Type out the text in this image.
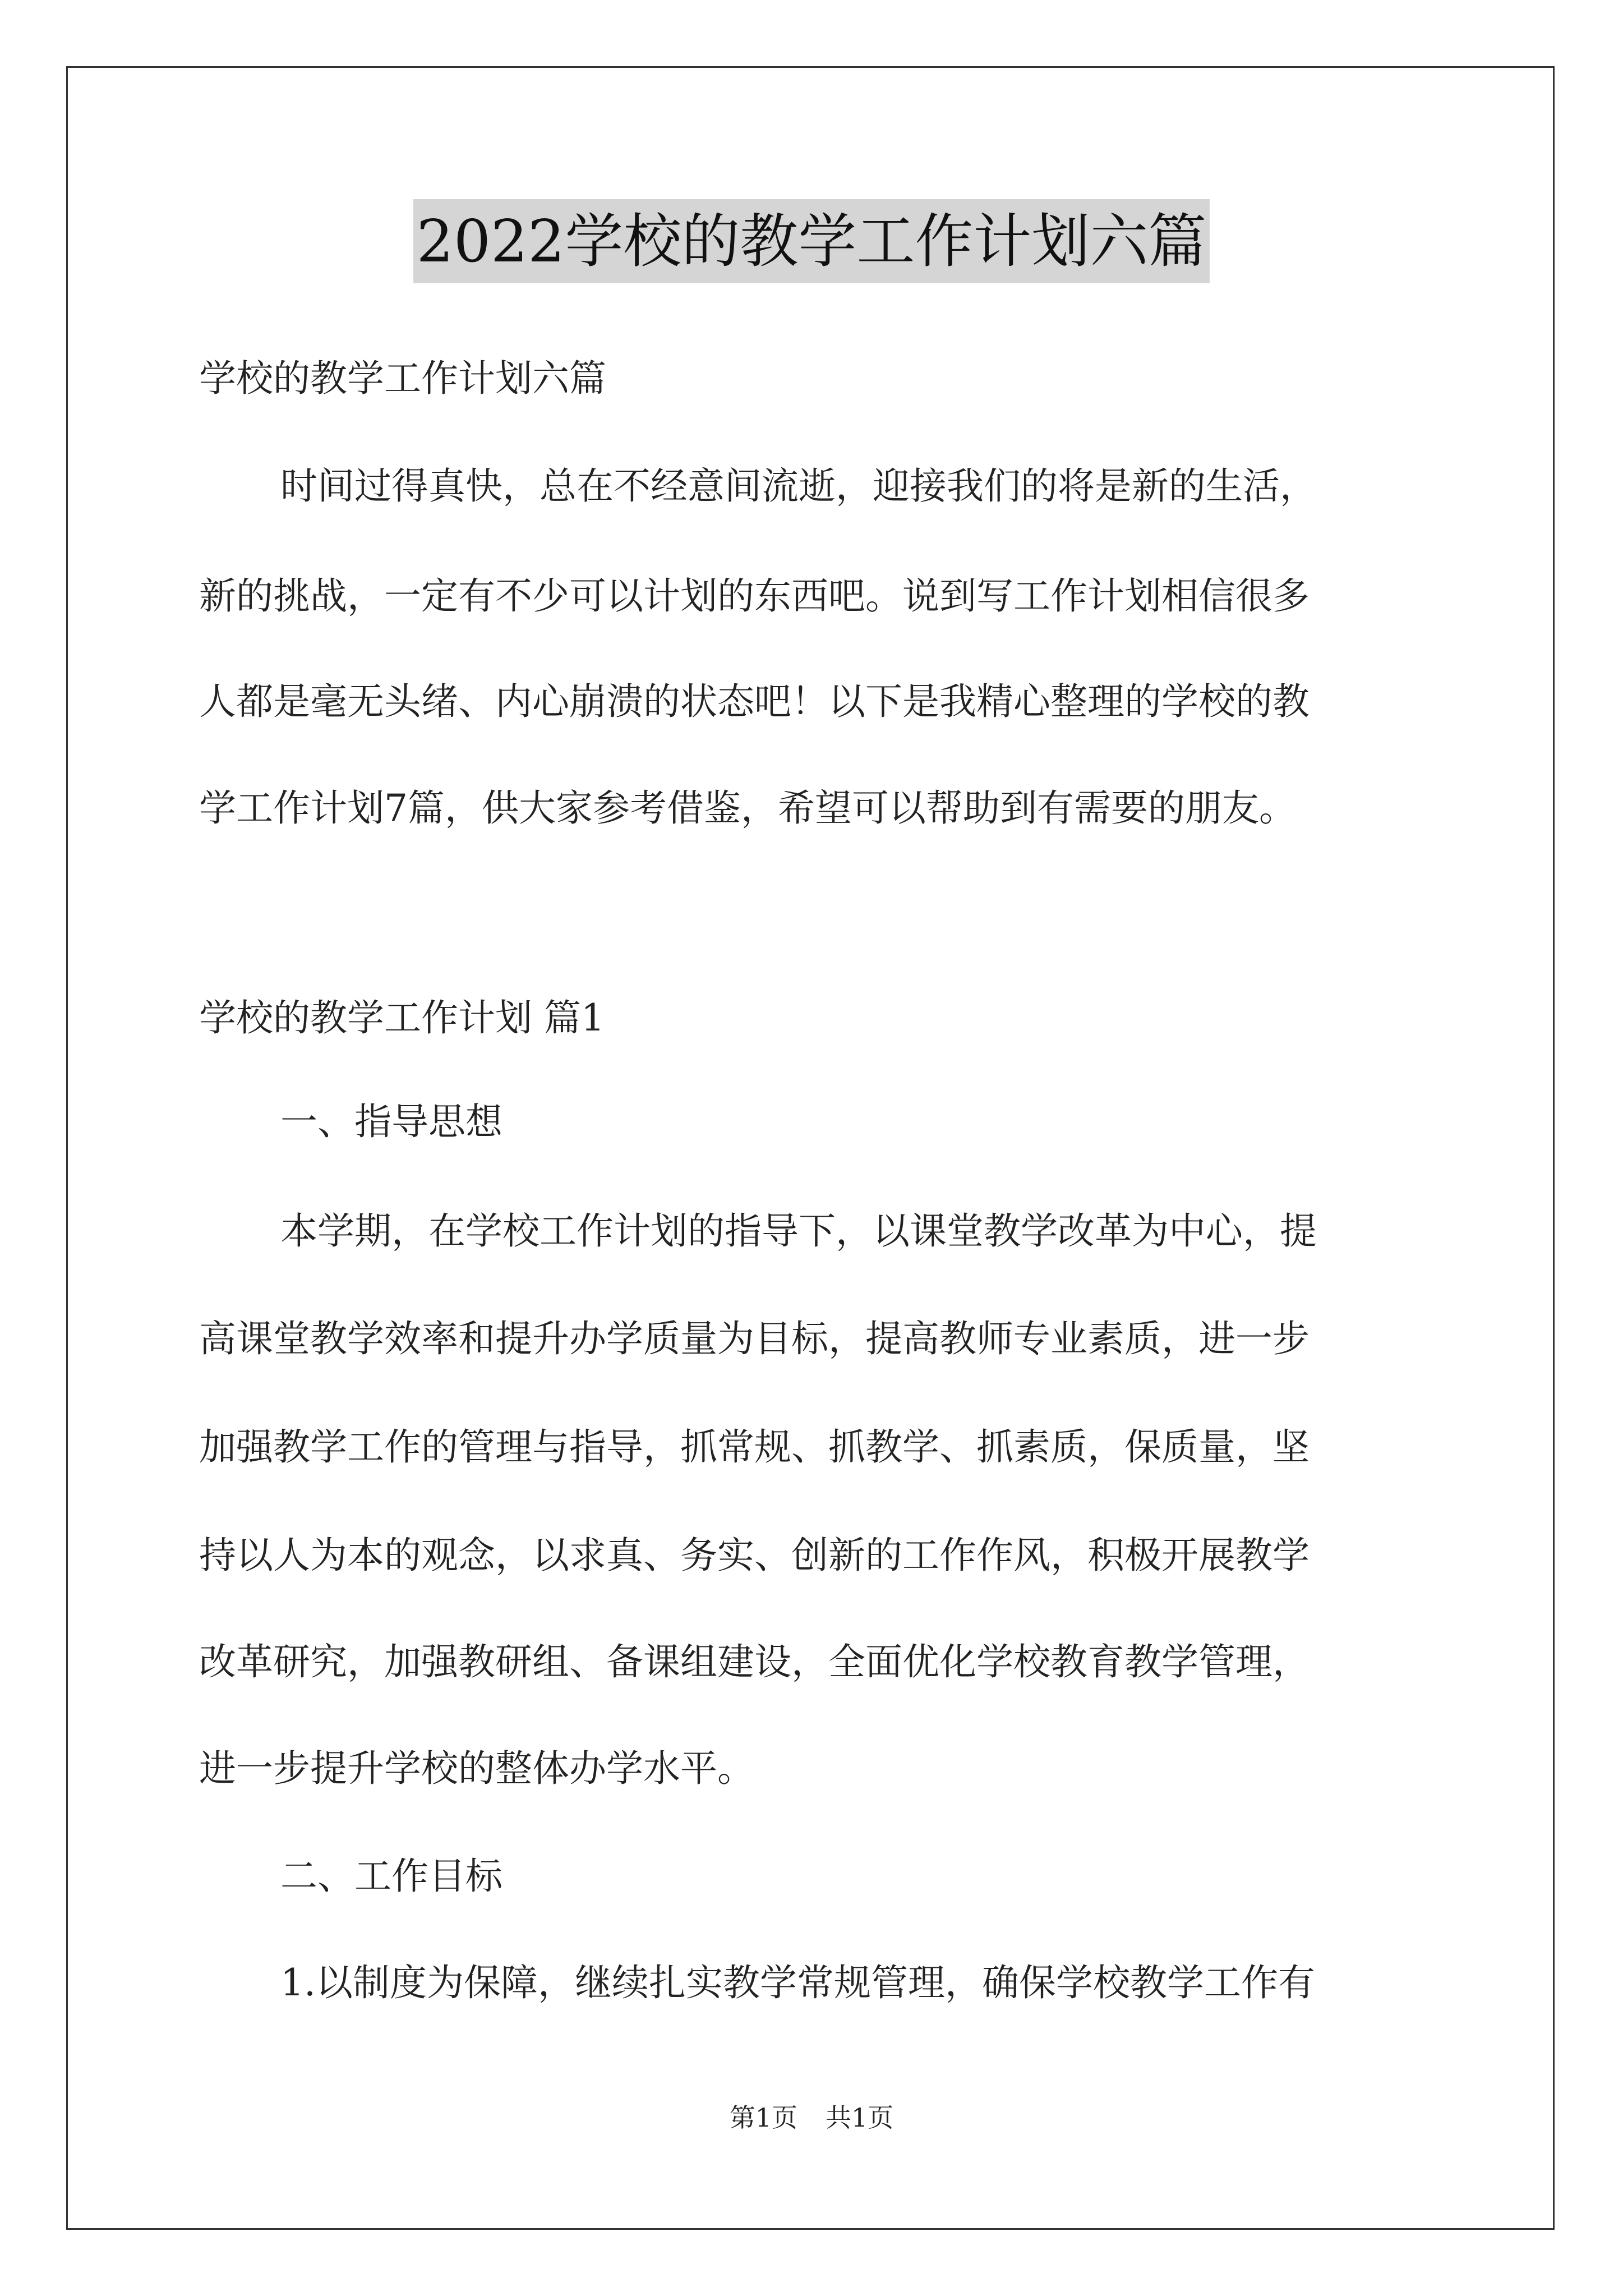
2022学校的教学工作计划六篇
学校的教学工作计划六篇
时间过得真快，总在不经意间流逝，迎接我们的将是新的生活，
新的挑战，一定有不少可以计划的东西吧。说到写工作计划相信很多
人都是毫无头绪、内心崩溃的状态吧！以下是我精心整理的学校的教
学工作计划7篇，供大家参考借鉴，希望可以帮助到有需要的朋友。
学校的教学工作计划 篇1
一、指导思想
本学期，在学校工作计划的指导下，以课堂教学改革为中心，提
高课堂教学效率和提升办学质量为目标，提高教师专业素质，进一步
加强教学工作的管理与指导，抓常规、抓教学、抓素质，保质量，坚
持以人为本的观念，以求真、务实、创新的工作作风，积极开展教学
改革研究，加强教研组、备课组建设，全面优化学校教育教学管理，
进一步提升学校的整体办学水平。
二、工作目标
1.以制度为保障，继续扎实教学常规管理，确保学校教学工作有
第1页 共1页
